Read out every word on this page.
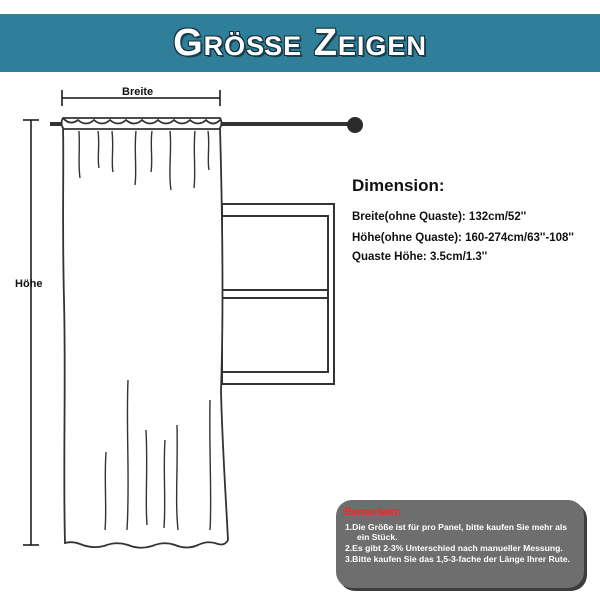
Größe Zeigen
Breite
Höhe
Dimension:
Breite(ohne Quaste): 132cm/52''
Höhe(ohne Quaste): 160-274cm/63''-108''
Quaste Höhe: 3.5cm/1.3''
Bemerken:
1.Die Größe ist für pro Panel, bitte kaufen Sie mehr als ein Stück.
2.Es gibt 2-3% Unterschied nach manueller Messung.
3.Bitte kaufen Sie das 1,5-3-fache der Länge Ihrer Rute.
